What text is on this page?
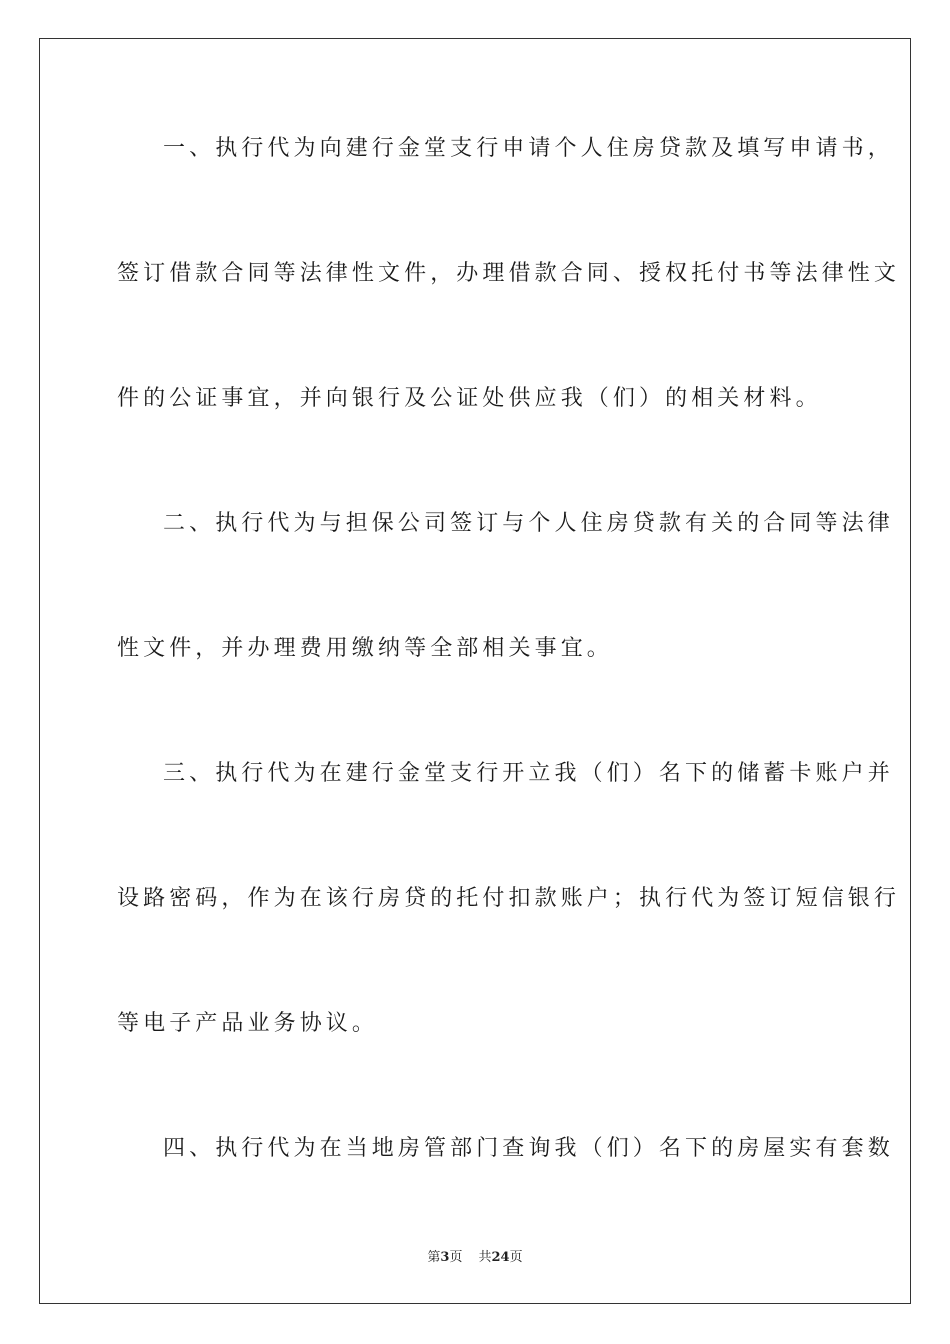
一、执行代为向建行金堂支行申请个人住房贷款及填写申请书，
签订借款合同等法律性文件，办理借款合同、授权托付书等法律性文
件的公证事宜，并向银行及公证处供应我（们）的相关材料。
二、执行代为与担保公司签订与个人住房贷款有关的合同等法律
性文件，并办理费用缴纳等全部相关事宜。
三、执行代为在建行金堂支行开立我（们）名下的储蓄卡账户并
设路密码，作为在该行房贷的托付扣款账户；执行代为签订短信银行
等电子产品业务协议。
四、执行代为在当地房管部门查询我（们）名下的房屋实有套数
第3页 共24页
